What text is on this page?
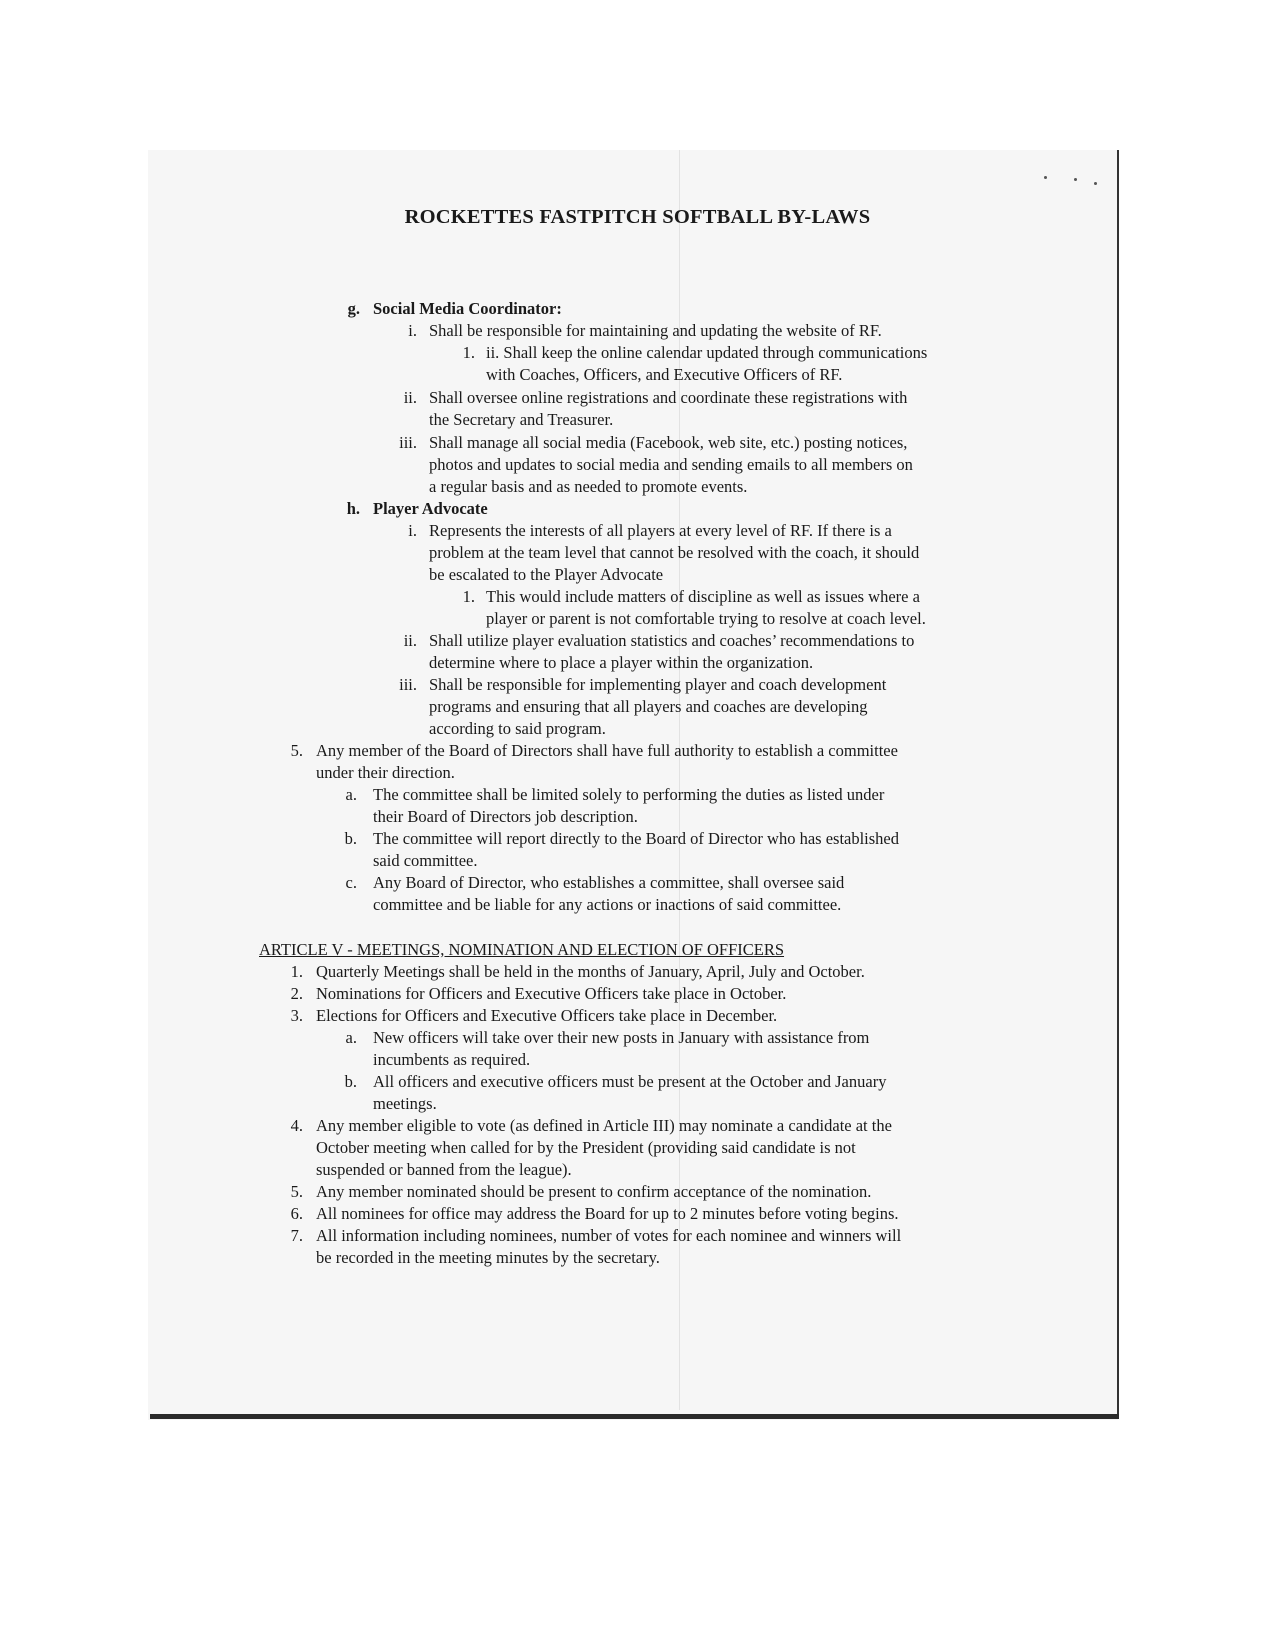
ROCKETTES FASTPITCH SOFTBALL BY-LAWS
g. Social Media Coordinator:
i. Shall be responsible for maintaining and updating the website of RF.
1. ii. Shall keep the online calendar updated through communications
with Coaches, Officers, and Executive Officers of RF.
ii. Shall oversee online registrations and coordinate these registrations with
the Secretary and Treasurer.
iii. Shall manage all social media (Facebook, web site, etc.) posting notices,
photos and updates to social media and sending emails to all members on
a regular basis and as needed to promote events.
h. Player Advocate
i. Represents the interests of all players at every level of RF. If there is a
problem at the team level that cannot be resolved with the coach, it should
be escalated to the Player Advocate
1. This would include matters of discipline as well as issues where a
player or parent is not comfortable trying to resolve at coach level.
ii. Shall utilize player evaluation statistics and coaches’ recommendations to
determine where to place a player within the organization.
iii. Shall be responsible for implementing player and coach development
programs and ensuring that all players and coaches are developing
according to said program.
5. Any member of the Board of Directors shall have full authority to establish a committee
under their direction.
a. The committee shall be limited solely to performing the duties as listed under
their Board of Directors job description.
b. The committee will report directly to the Board of Director who has established
said committee.
c. Any Board of Director, who establishes a committee, shall oversee said
committee and be liable for any actions or inactions of said committee.
ARTICLE V - MEETINGS, NOMINATION AND ELECTION OF OFFICERS
1. Quarterly Meetings shall be held in the months of January, April, July and October.
2. Nominations for Officers and Executive Officers take place in October.
3. Elections for Officers and Executive Officers take place in December.
a. New officers will take over their new posts in January with assistance from
incumbents as required.
b. All officers and executive officers must be present at the October and January
meetings.
4. Any member eligible to vote (as defined in Article III) may nominate a candidate at the
October meeting when called for by the President (providing said candidate is not
suspended or banned from the league).
5. Any member nominated should be present to confirm acceptance of the nomination.
6. All nominees for office may address the Board for up to 2 minutes before voting begins.
7. All information including nominees, number of votes for each nominee and winners will
be recorded in the meeting minutes by the secretary.
